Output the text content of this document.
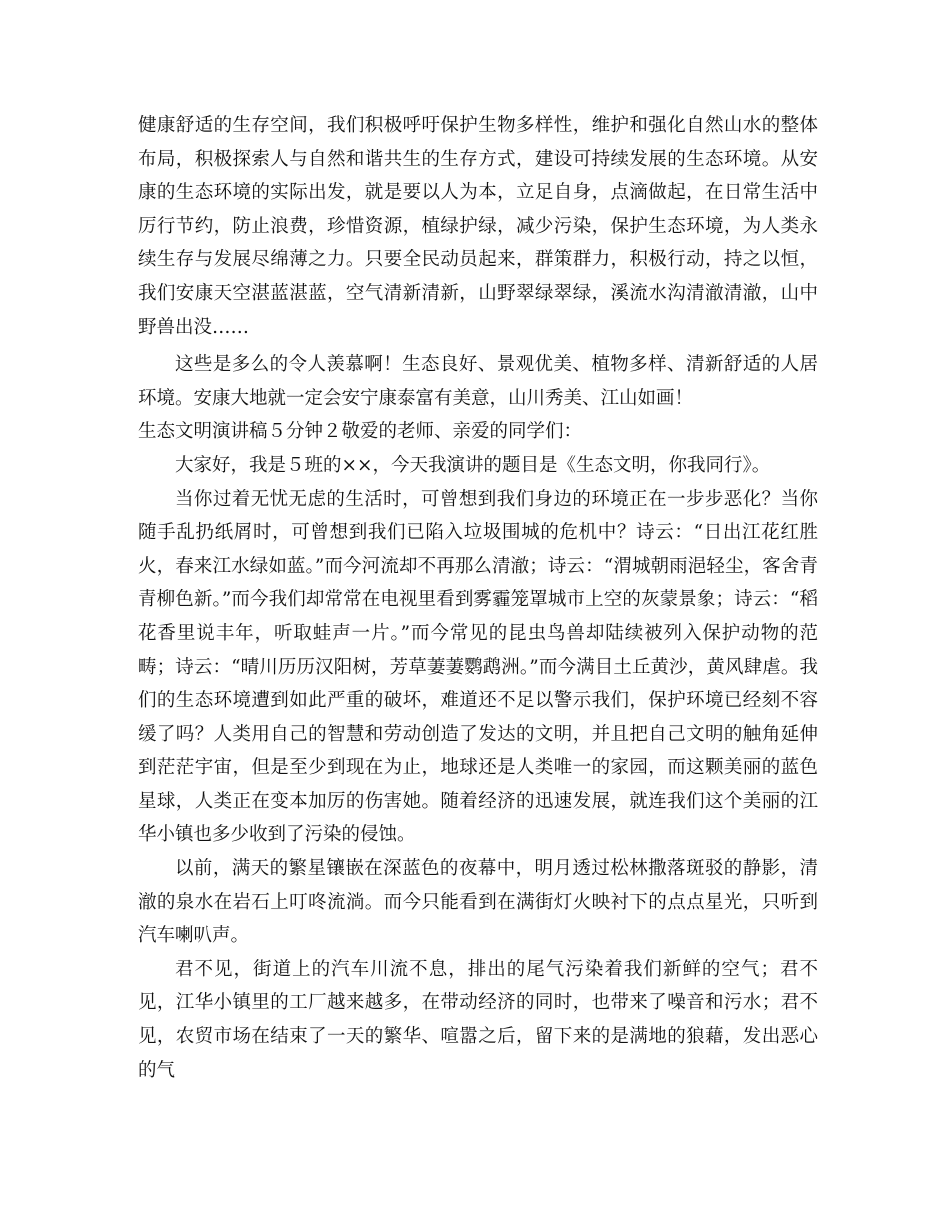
健康舒适的生存空间，我们积极呼吁保护生物多样性，维护和强化自然山水的整体布局，积极探索人与自然和谐共生的生存方式，建设可持续发展的生态环境。从安康的生态环境的实际出发，就是要以人为本，立足自身，点滴做起，在日常生活中厉行节约，防止浪费，珍惜资源，植绿护绿，减少污染，保护生态环境，为人类永续生存与发展尽绵薄之力。只要全民动员起来，群策群力，积极行动，持之以恒，我们安康天空湛蓝湛蓝，空气清新清新，山野翠绿翠绿，溪流水沟清澈清澈，山中野兽出没……

这些是多么的令人羡慕啊！生态良好、景观优美、植物多样、清新舒适的人居环境。安康大地就一定会安宁康泰富有美意，山川秀美、江山如画！

生态文明演讲稿５分钟２敬爱的老师、亲爱的同学们：

大家好，我是５班的××，今天我演讲的题目是《生态文明，你我同行》。

当你过着无忧无虑的生活时，可曾想到我们身边的环境正在一步步恶化？当你随手乱扔纸屑时，可曾想到我们已陷入垃圾围城的危机中？诗云：“日出江花红胜火，春来江水绿如蓝。”而今河流却不再那么清澈；诗云：“渭城朝雨浥轻尘，客舍青青柳色新。”而今我们却常常在电视里看到雾霾笼罩城市上空的灰蒙景象；诗云：“稻花香里说丰年，听取蛙声一片。”而今常见的昆虫鸟兽却陆续被列入保护动物的范畴；诗云：“晴川历历汉阳树，芳草萋萋鹦鹉洲。”而今满目土丘黄沙，黄风肆虐。我们的生态环境遭到如此严重的破坏，难道还不足以警示我们，保护环境已经刻不容缓了吗？人类用自己的智慧和劳动创造了发达的文明，并且把自己文明的触角延伸到茫茫宇宙，但是至少到现在为止，地球还是人类唯一的家园，而这颗美丽的蓝色星球，人类正在变本加厉的伤害她。随着经济的迅速发展，就连我们这个美丽的江华小镇也多少收到了污染的侵蚀。

以前，满天的繁星镶嵌在深蓝色的夜幕中，明月透过松林撒落斑驳的静影，清澈的泉水在岩石上叮咚流淌。而今只能看到在满街灯火映衬下的点点星光，只听到汽车喇叭声。

君不见，街道上的汽车川流不息，排出的尾气污染着我们新鲜的空气；君不见，江华小镇里的工厂越来越多，在带动经济的同时，也带来了噪音和污水；君不见，农贸市场在结束了一天的繁华、喧嚣之后，留下来的是满地的狼藉，发出恶心的气
